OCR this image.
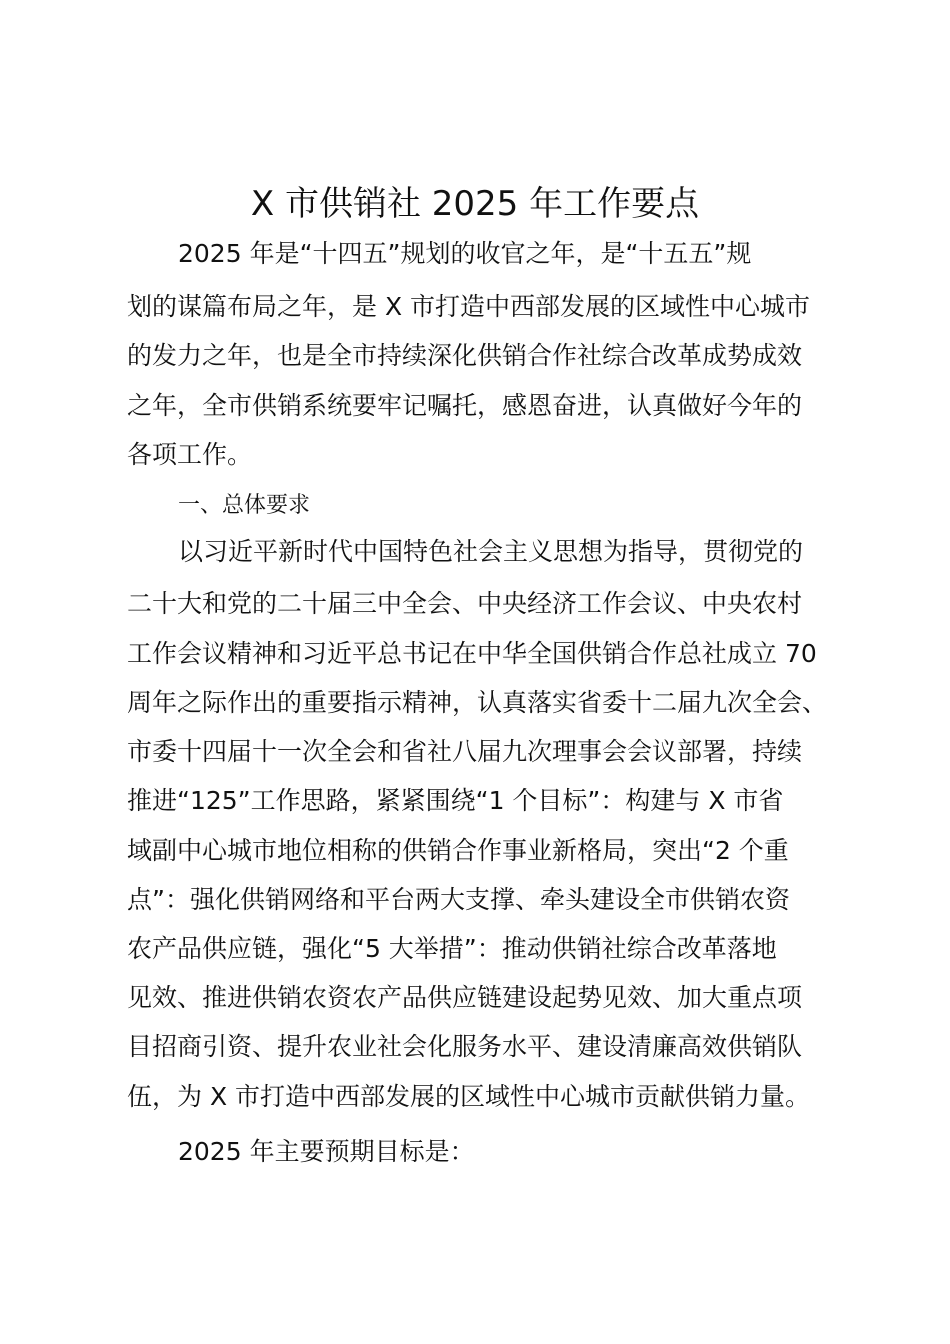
X 市供销社 2025 年工作要点

2025 年是“十四五”规划的收官之年，是“十五五”规

划的谋篇布局之年，是 X 市打造中西部发展的区域性中心城市

的发力之年，也是全市持续深化供销合作社综合改革成势成效

之年，全市供销系统要牢记嘱托，感恩奋进，认真做好今年的

各项工作。

一、总体要求

以习近平新时代中国特色社会主义思想为指导，贯彻党的

二十大和党的二十届三中全会、中央经济工作会议、中央农村

工作会议精神和习近平总书记在中华全国供销合作总社成立 70

周年之际作出的重要指示精神，认真落实省委十二届九次全会、

市委十四届十一次全会和省社八届九次理事会会议部署，持续

推进“125”工作思路，紧紧围绕“1 个目标”：构建与 X 市省

域副中心城市地位相称的供销合作事业新格局，突出“2 个重

点”：强化供销网络和平台两大支撑、牵头建设全市供销农资

农产品供应链，强化“5 大举措”：推动供销社综合改革落地

见效、推进供销农资农产品供应链建设起势见效、加大重点项

目招商引资、提升农业社会化服务水平、建设清廉高效供销队

伍，为 X 市打造中西部发展的区域性中心城市贡献供销力量。

2025 年主要预期目标是：
